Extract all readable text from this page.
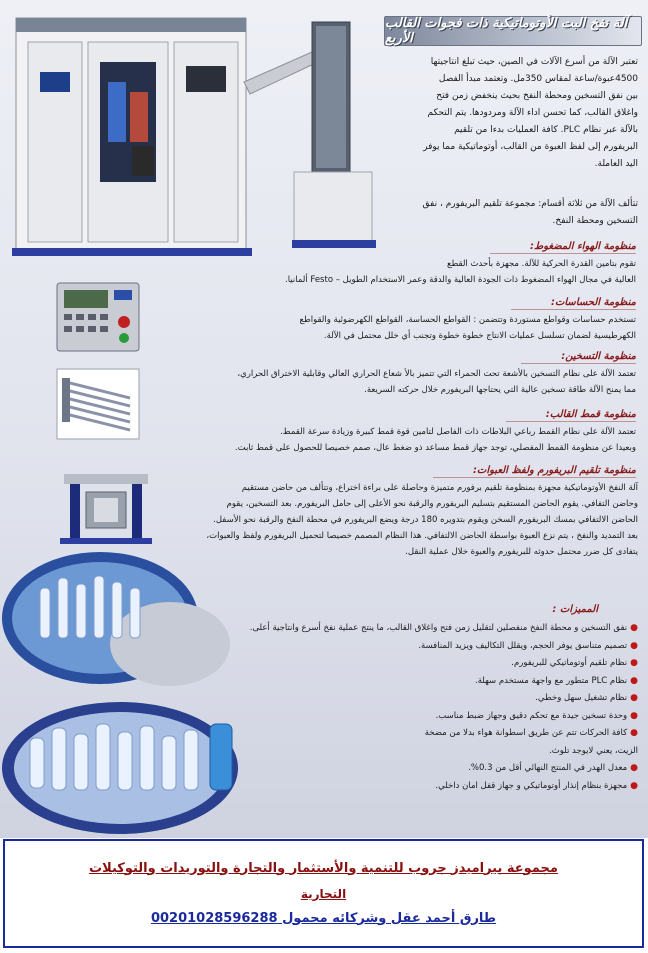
آلة نفخ البت الأوتوماتيكية ذات فجوات القالب الأربع
تعتبر الآلة من أسرع الآلات في الصين، حيث تبلغ انتاجيتها
4500عبوة/ساعة لمقاس 350مل. وتعتمد مبدأ الفصل
بين نفق التسخين ومحطة النفخ بحيث ينخفض زمن فتح
واغلاق القالب، كما تحسن اداء الآلة ومردودها. يتم التحكم
بالآلة عبر نظام PLC. كافة العمليات بدءا من تلقيم
البريفورم إلى لفظ العبوة من القالب، أوتوماتيكية مما يوفر
اليد العاملة.
تتألف الآلة من ثلاثة أقسام: مجموعة تلقيم البريفورم ، نفق
التسخين ومحطة النفخ.
منظومة الهواء المضغوط:
تقوم بتامين القدرة الحركية للآلة. مجهزة بأحدث القطع
العالية في مجال الهواء المضغوط ذات الجودة العالية والدقة وعمر الاستخدام الطويل – Festo ألمانيا.
منظومة الحساسات:
تستخدم حساسات وقواطع مستوردة وتتضمن : القواطع الحساسة، القواطع الكهرضوئية والقواطع
الكهرطيسية لضمان تسلسل عمليات الانتاج خطوة خطوة وتجنب أي خلل محتمل في الآلة.
منظومة التسخين:
تعتمد الآلة على نظام التسخين بالأشعة تحت الحمراء التي تتميز بالأ شعاع الحراري العالي وقابلية الاختراق الحراري،
مما يمنح الآلة طاقة تسخين عالية التي يحتاجها البريفورم خلال حركته السريعة.
منظومة قمط القالب:
تعتمد الآلة على نظام القمط رباعي البلاطات ذات الفاصل لتامين قوة قمط كبيرة وزيادة سرعة القمط.
وبعيدا عن منظومة القمط المفصلي، توجد جهاز قمط مساعد ذو ضغط عال، صمم خصيصا للحصول على قمط ثابت.
منظومة تلقيم البريفورم ولفظ العبوات:
آلة النفخ الأوتوماتيكية مجهزة بمنظومة تلقيم برفورم متميزة وحاصلة على براءة اختراع، وتتألف من حاضن مستقيم
وحاضن التفافي. يقوم الحاضن المستقيم بتسليم البريفورم والرقبة نحو الأعلى إلى حامل البريفورم. بعد التسخين، يقوم
الحاضن الالتفافي بمسك البريفورم السخن ويقوم بتدويره 180 درجة ويضع البريفورم في محطة النفخ والرقبة نحو الأسفل.
بعد التمديد والنفخ ، يتم نزع العبوة بواسطة الحاضن الالتفافي. هذا النظام المصمم خصيصا لتحميل البريفورم ولفظ والعبوات،
يتفادى كل ضرر محتمل حدوثه للبريفورم والعبوة خلال عملية النقل.
المميزات :
●نفق التسخين و محطة النفخ منفصلين لتقليل زمن فتح واغلاق القالب، ما ينتج عملية نفخ أسرع وانتاجية أعلى.
●تصميم متناسق يوفر الحجم، ويقلل التكاليف ويزيد المنافسة.
●نظام تلقيم أوتوماتيكي للبريفورم.
●نظام PLC متطور مع واجهة مستخدم سهلة.
●نظام تشغيل سهل وخطي.
●وحدة تسخين جيدة مع تحكم دقيق وجهاز ضبط مناسب.
●كافة الحركات تتم عن طريق اسطوانة هواء بدلا من مضخة
الزيت، يعني لايوجد تلوث.
●معدل الهدر في المنتج النهائي أقل من 0.3%.
●مجهزة بنظام إنذار أوتوماتيكي و جهاز قفل امان داخلي.
مجموعة بيراميدز جروب للتنمية والأستثمار والتجارة والتوريدات والتوكيلات
التجارية
طارق أحمد عقل وشركائه محمول 00201028596288
